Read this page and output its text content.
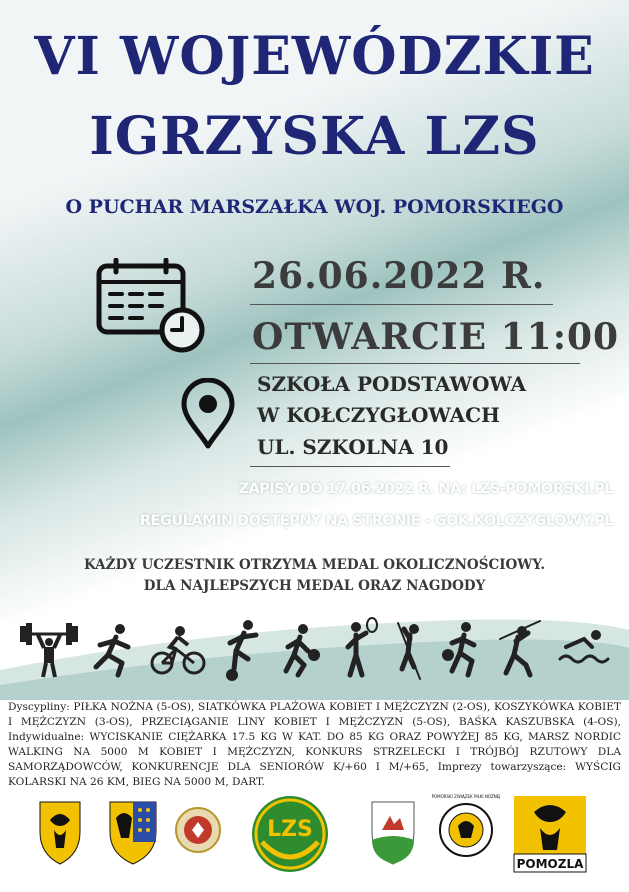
VI WOJEWÓDZKIE
IGRZYSKA LZS
O PUCHAR MARSZAŁKA WOJ. POMORSKIEGO
26.06.2022 R.
OTWARCIE 11:00
SZKOŁA PODSTAWOWA
W KOŁCZYGŁOWACH
UL. SZKOLNA 10
ZAPISY DO 17.06.2022 R. NA: LZS-POMORSKI.PL
REGULAMIN DOSTĘPNY NA STRONIE - GOK.KOLCZYGLOWY.PL
KAŻDY UCZESTNIK OTRZYMA MEDAL OKOLICZNOŚCIOWY.
DLA NAJLEPSZYCH MEDAL ORAZ NAGDODY
Dyscypliny: PIŁKA NOŻNA (5-OS), SIATKÓWKA PLAŻOWA KOBIET I MĘŻCZYZN (2-OS), KOSZYKÓWKA KOBIET I MĘŻCZYZN (3-OS), PRZECIĄGANIE LINY KOBIET I MĘŻCZYZN (5-OS), BAŚKA KASZUBSKA (4-OS), Indywidualne: WYCISKANIE CIĘŻARKA 17.5 KG W KAT. DO 85 KG ORAZ POWYŻEJ 85 KG, MARSZ NORDIC WALKING NA 5000 M KOBIET I MĘŻCZYZN, KONKURS STRZELECKI I TRÓJBÓJ RZUTOWY DLA SAMORZĄDOWCÓW, KONKURENCJE DLA SENIORÓW K/+60 I M/+65, Imprezy towarzyszące: WYŚCIG KOLARSKI NA 26 KM, BIEG NA 5000 M, DART.
LZS
POMORSKI ZWIĄZEK PIŁKI NOŻNEJ
POMOZLA
